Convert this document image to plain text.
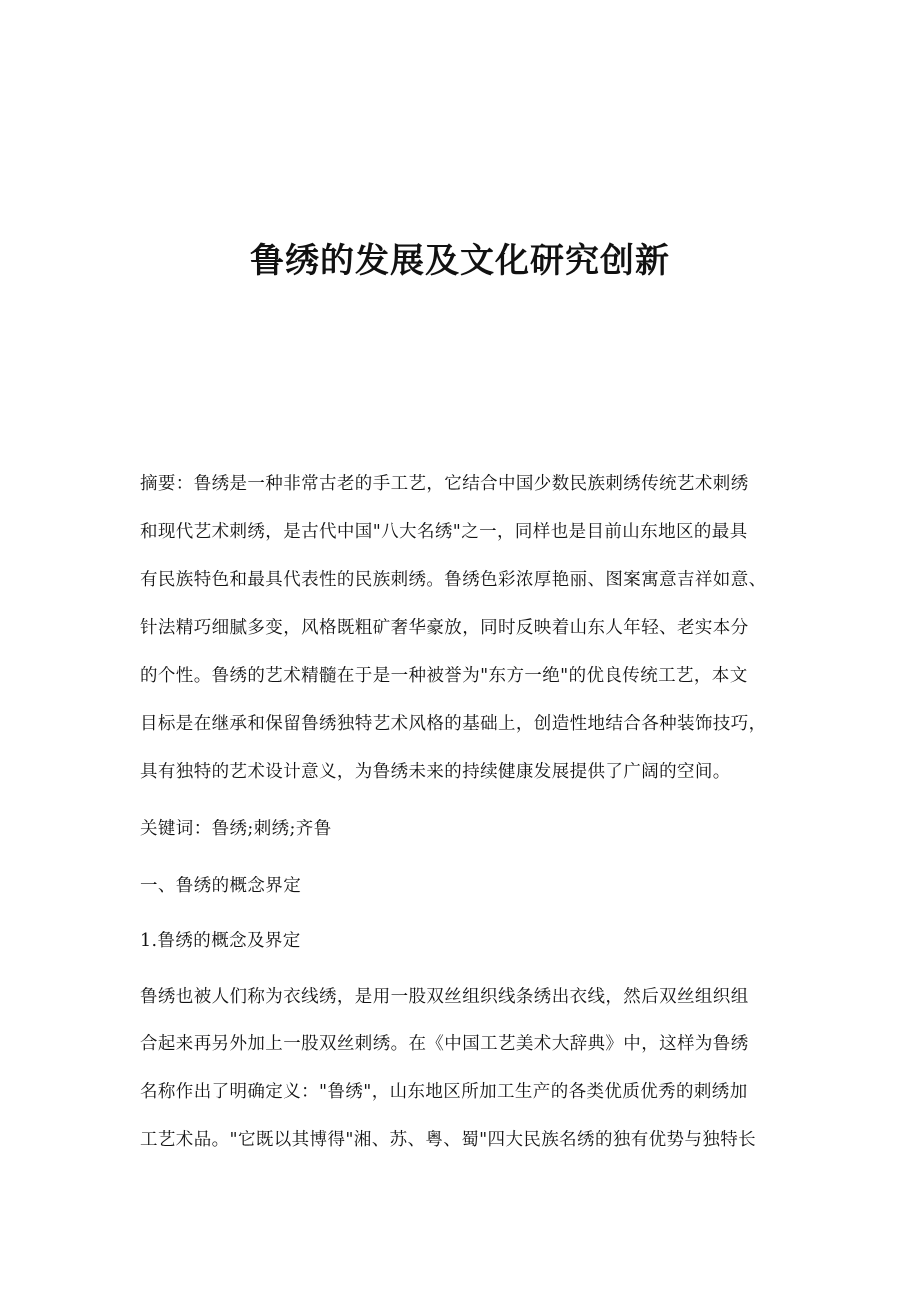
鲁绣的发展及文化研究创新
摘要：鲁绣是一种非常古老的手工艺，它结合中国少数民族刺绣传统艺术刺绣
和现代艺术刺绣，是古代中国"八大名绣"之一，同样也是目前山东地区的最具
有民族特色和最具代表性的民族刺绣。鲁绣色彩浓厚艳丽、图案寓意吉祥如意、
针法精巧细腻多变，风格既粗矿奢华豪放，同时反映着山东人年轻、老实本分
的个性。鲁绣的艺术精髓在于是一种被誉为"东方一绝"的优良传统工艺，本文
目标是在继承和保留鲁绣独特艺术风格的基础上，创造性地结合各种装饰技巧，
具有独特的艺术设计意义，为鲁绣未来的持续健康发展提供了广阔的空间。
关键词：鲁绣;刺绣;齐鲁
一、鲁绣的概念界定
1.鲁绣的概念及界定
鲁绣也被人们称为衣线绣，是用一股双丝组织线条绣出衣线，然后双丝组织组
合起来再另外加上一股双丝刺绣。在《中国工艺美术大辞典》中，这样为鲁绣
名称作出了明确定义："鲁绣"，山东地区所加工生产的各类优质优秀的刺绣加
工艺术品。"它既以其博得"湘、苏、粤、蜀"四大民族名绣的独有优势与独特长
